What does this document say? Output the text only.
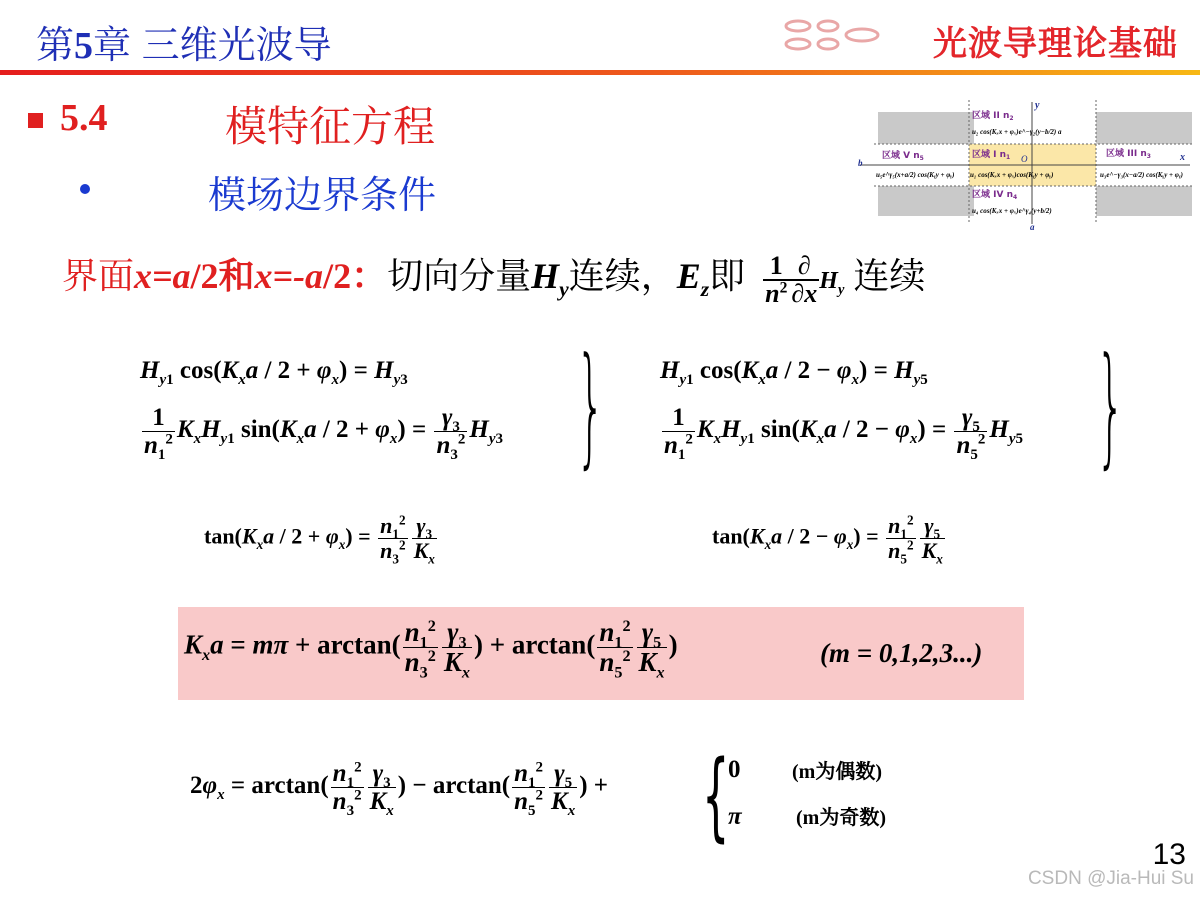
第5章 三维光波导	光波导理论基础
5.4	模特征方程
模场边界条件
y
x
O
b
a
区域 II $n_2$
区域 I $n_1$	区域 III $n_3$
区域 IV $n_4$
区域 V $n_5$
u₂ cos(Kₓx + φₓ)e^−γ₂(y−b/2) a
u₁ cos(Kₓx + φₓ)cos(Kᵧy + φᵧ)
u₅e^γ₅(x+a/2) cos(Kᵧy + φᵧ)	u₃e^−γ₃(x−a/2) cos(Kᵧy + φᵧ)
u₄ cos(Kₓx + φₓ)e^γ₄(y+b/2)
界面x=a/2和x=-a/2：切向分量$H_y$连续，$E_z$即 $\frac{1}{n^2} \frac{\partial}{\partial x} H_y$ 连续
$H_{y1}$ $\cos(K_xa / 2 + \varphi_x) = H_{y3}$
$\frac{1}{n_1^2} K_xH_{y1}$ $\sin(K_xa / 2 + \varphi_x) = \frac{\gamma_3}{n_3^2} H_{y3}$ } $H_{y1}$ $\cos(K_xa / 2 - \varphi_x) = H_{y5}$
$\frac{1}{n_1^2} K_xH_{y1}$ $\sin(K_xa / 2 - \varphi_x) = \frac{\gamma_5}{n_5^2} H_{y5}$ }
$\tan(K_xa / 2 + \varphi_x) = \frac{n_1^2}{n_3^2} \frac{\gamma_3}{K_x}$	$\tan(K_xa / 2 - \varphi_x) = \frac{n_1^2}{n_5^2} \frac{\gamma_5}{K_x}$
$K_xa = m\pi + \arctan( \frac{n_1^2}{n_3^2} \frac{\gamma_3}{K_x}$ ) + $\arctan( \frac{n_1^2}{n_5^2} \frac{\gamma_5}{K_x}$ )	(m = 0,1,2,3...)
$2\varphi_x = \arctan( \frac{n_1^2}{n_3^2} \frac{\gamma_3}{K_x}$ ) − $\arctan( \frac{n_1^2}{n_5^2} \frac{\gamma_5}{K_x}$ ) + {
0	(m为偶数)
π	(m为奇数)
CSDN @Jia-Hui Su
13
